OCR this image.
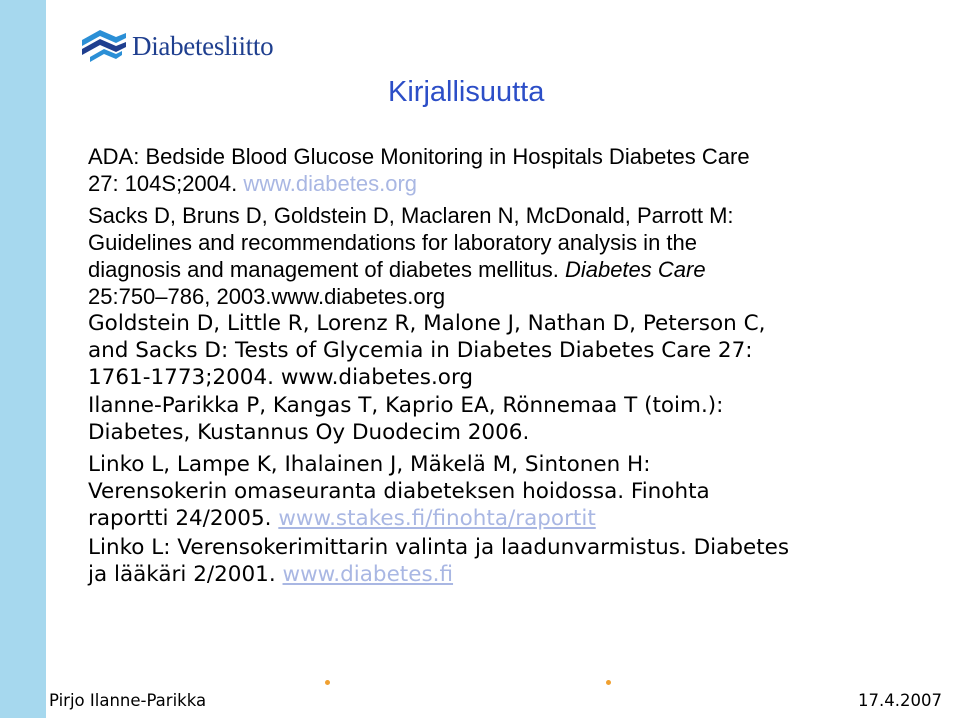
Diabetesliitto
Kirjallisuutta

ADA: Bedside Blood Glucose Monitoring in Hospitals Diabetes Care
27: 104S;2004. www.diabetes.org

Sacks D, Bruns D, Goldstein D, Maclaren N, McDonald, Parrott M:
Guidelines and recommendations for laboratory analysis in the
diagnosis and management of diabetes mellitus. Diabetes Care
25:750–786, 2003.www.diabetes.org

Goldstein D, Little R, Lorenz R, Malone J, Nathan D, Peterson C,
and Sacks D: Tests of Glycemia in Diabetes Diabetes Care 27:
1761-1773;2004. www.diabetes.org

Ilanne-Parikka P, Kangas T, Kaprio EA, Rönnemaa T (toim.):
Diabetes, Kustannus Oy Duodecim 2006.

Linko L, Lampe K, Ihalainen J, Mäkelä M, Sintonen H:
Verensokerin omaseuranta diabeteksen hoidossa. Finohta
raportti 24/2005. www.stakes.fi/finohta/raportit

Linko L: Verensokerimittarin valinta ja laadunvarmistus. Diabetes
ja lääkäri 2/2001. www.diabetes.fi

Pirjo Ilanne-Parikka	17.4.2007
